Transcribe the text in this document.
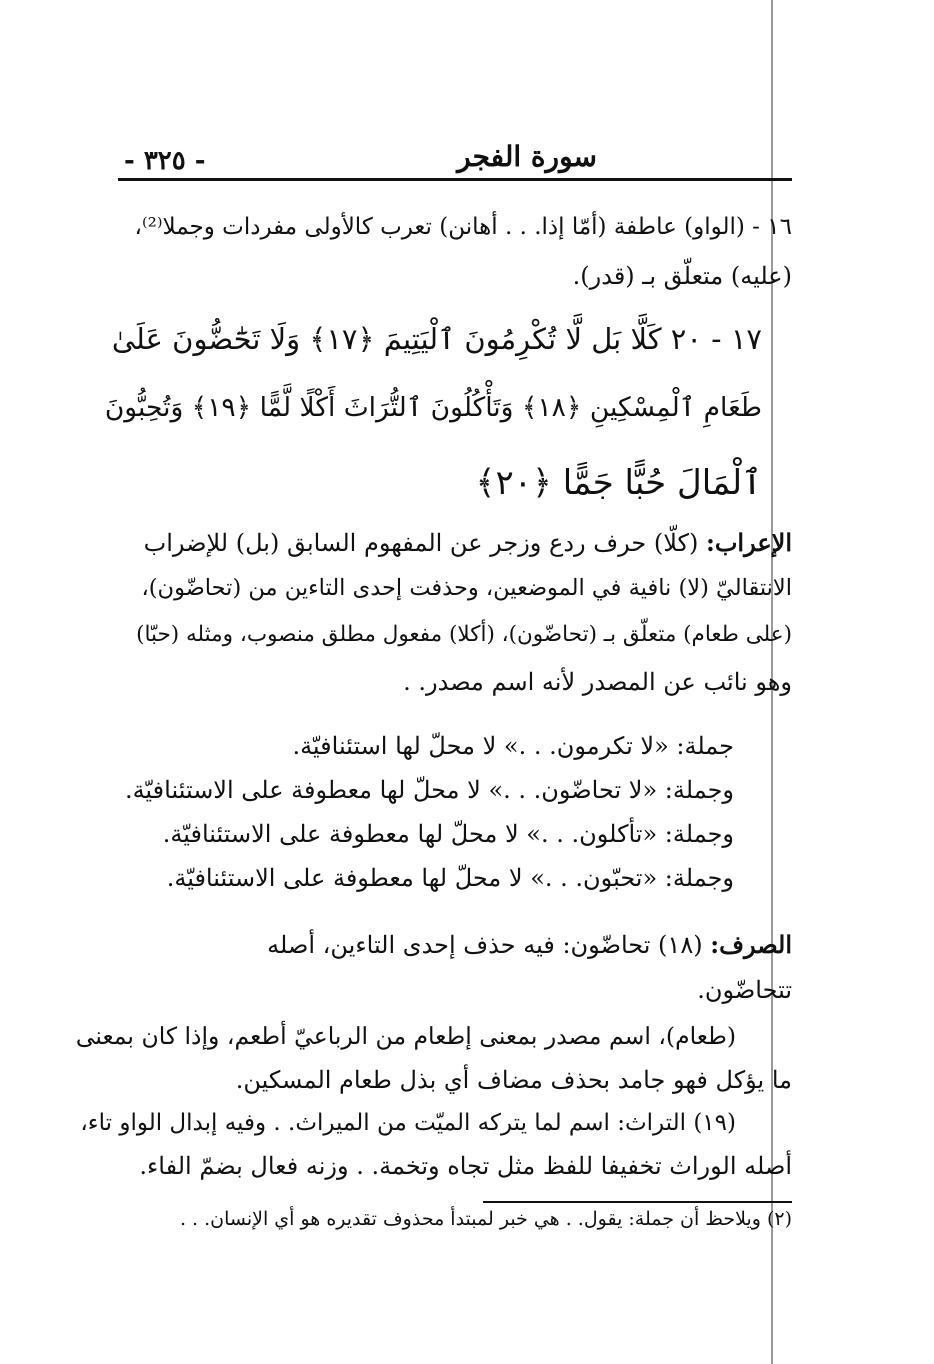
- ٣٢٥ -	سورة الفجر
١٦ - (الواو) عاطفة (أمّا إذا. . . أهانن) تعرب كالأولى مفردات وجملا⁽²⁾،
(عليه) متعلّق بـ (قدر).
١٧ - ٢٠ كَلَّا بَل لَّا تُكْرِمُونَ ٱلْيَتِيمَ ﴿١٧﴾ وَلَا تَحَٰٓضُّونَ عَلَىٰ
طَعَامِ ٱلْمِسْكِينِ ﴿١٨﴾ وَتَأْكُلُونَ ٱلتُّرَاثَ أَكْلًا لَّمًّا ﴿١٩﴾ وَتُحِبُّونَ
ٱلْمَالَ حُبًّا جَمًّا ﴿٢٠﴾
الإعراب: (كلّا) حرف ردع وزجر عن المفهوم السابق (بل) للإضراب
الانتقاليّ (لا) نافية في الموضعين، وحذفت إحدى التاءين من (تحاضّون)،
(على طعام) متعلّق بـ (تحاضّون)، (أكلا) مفعول مطلق منصوب، ومثله (حبّا)
وهو نائب عن المصدر لأنه اسم مصدر. .
جملة: «لا تكرمون. . .» لا محلّ لها استئنافيّة.
وجملة: «لا تحاضّون. . .» لا محلّ لها معطوفة على الاستئنافيّة.
وجملة: «تأكلون. . .» لا محلّ لها معطوفة على الاستئنافيّة.
وجملة: «تحبّون. . .» لا محلّ لها معطوفة على الاستئنافيّة.
الصرف: (١٨) تحاضّون: فيه حذف إحدى التاءين، أصله
تتحاضّون.
(طعام)، اسم مصدر بمعنى إطعام من الرباعيّ أطعم، وإذا كان بمعنى
ما يؤكل فهو جامد بحذف مضاف أي بذل طعام المسكين.
(١٩) التراث: اسم لما يتركه الميّت من الميراث. . وفيه إبدال الواو تاء،
أصله الوراث تخفيفا للفظ مثل تجاه وتخمة. . وزنه فعال بضمّ الفاء.
(٢) ويلاحظ أن جملة: يقول. . هي خبر لمبتدأ محذوف تقديره هو أي الإنسان. . .
